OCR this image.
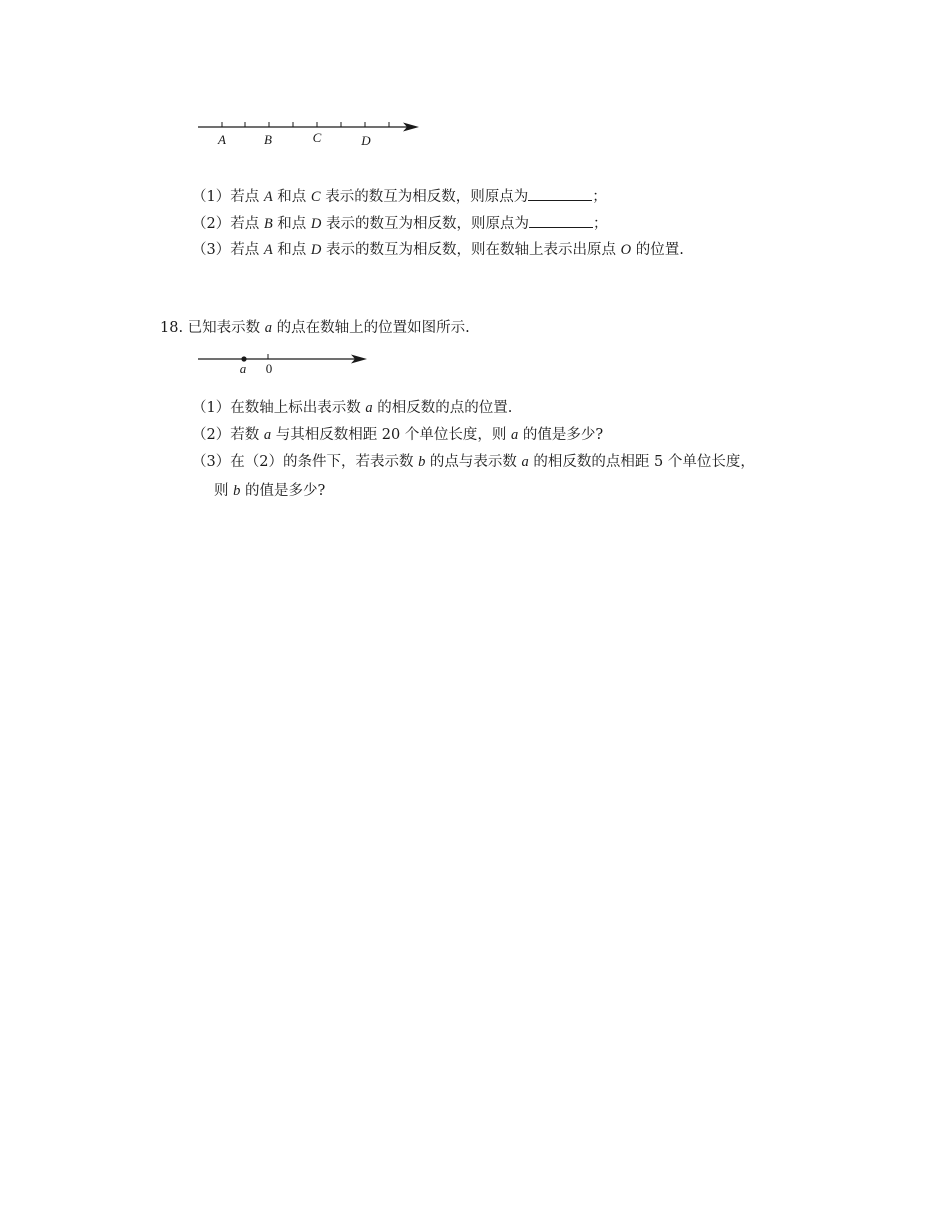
A	B	C	D
（1）若点 A 和点 C 表示的数互为相反数，则原点为	；
（2）若点 B 和点 D 表示的数互为相反数，则原点为	；
（3）若点 A 和点 D 表示的数互为相反数，则在数轴上表示出原点 O 的位置.
18. 已知表示数 a 的点在数轴上的位置如图所示.
a 0
（1）在数轴上标出表示数 a 的相反数的点的位置.
（2）若数 a 与其相反数相距 20 个单位长度，则 a 的值是多少?
（3）在（2）的条件下，若表示数 b 的点与表示数 a 的相反数的点相距 5 个单位长度，
则 b 的值是多少?
